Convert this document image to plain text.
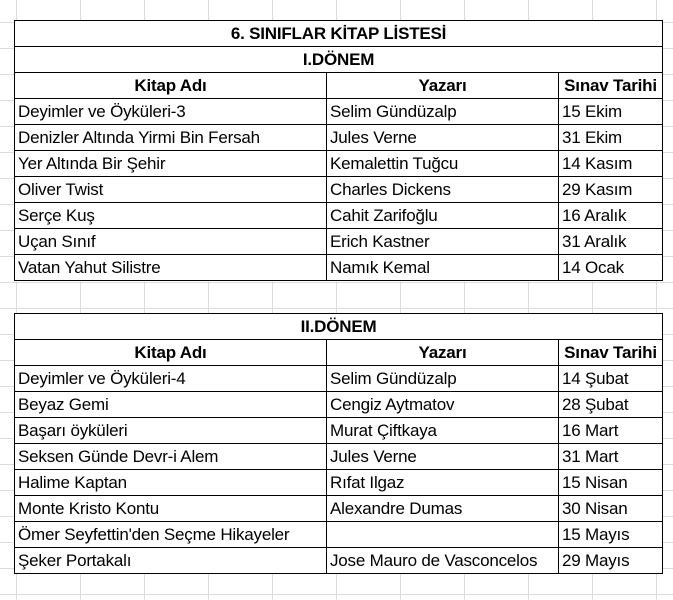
6. SINIFLAR KİTAP LİSTESİ		
I.DÖNEM		
Kitap Adı	Yazarı	Sınav Tarihi
Deyimler ve Öyküleri-3	Selim Gündüzalp	15 Ekim
Denizler Altında Yirmi Bin Fersah	Jules Verne	31 Ekim
Yer Altında Bir Şehir	Kemalettin Tuğcu	14 Kasım
Oliver Twist	Charles Dickens	29 Kasım
Serçe Kuş	Cahit Zarifoğlu	16 Aralık
Uçan Sınıf	Erich Kastner	31 Aralık
Vatan Yahut Silistre	Namık Kemal	14 Ocak
II.DÖNEM		
Kitap Adı	Yazarı	Sınav Tarihi
Deyimler ve Öyküleri-4	Selim Gündüzalp	14 Şubat
Beyaz Gemi	Cengiz Aytmatov	28 Şubat
Başarı öyküleri	Murat Çiftkaya	16 Mart
Seksen Günde Devr-i Alem	Jules Verne	31 Mart
Halime Kaptan	Rıfat Ilgaz	15 Nisan
Monte Kristo Kontu	Alexandre Dumas	30 Nisan
Ömer Seyfettin'den Seçme Hikayeler		15 Mayıs
Şeker Portakalı	Jose Mauro de Vasconcelos	29 Mayıs
